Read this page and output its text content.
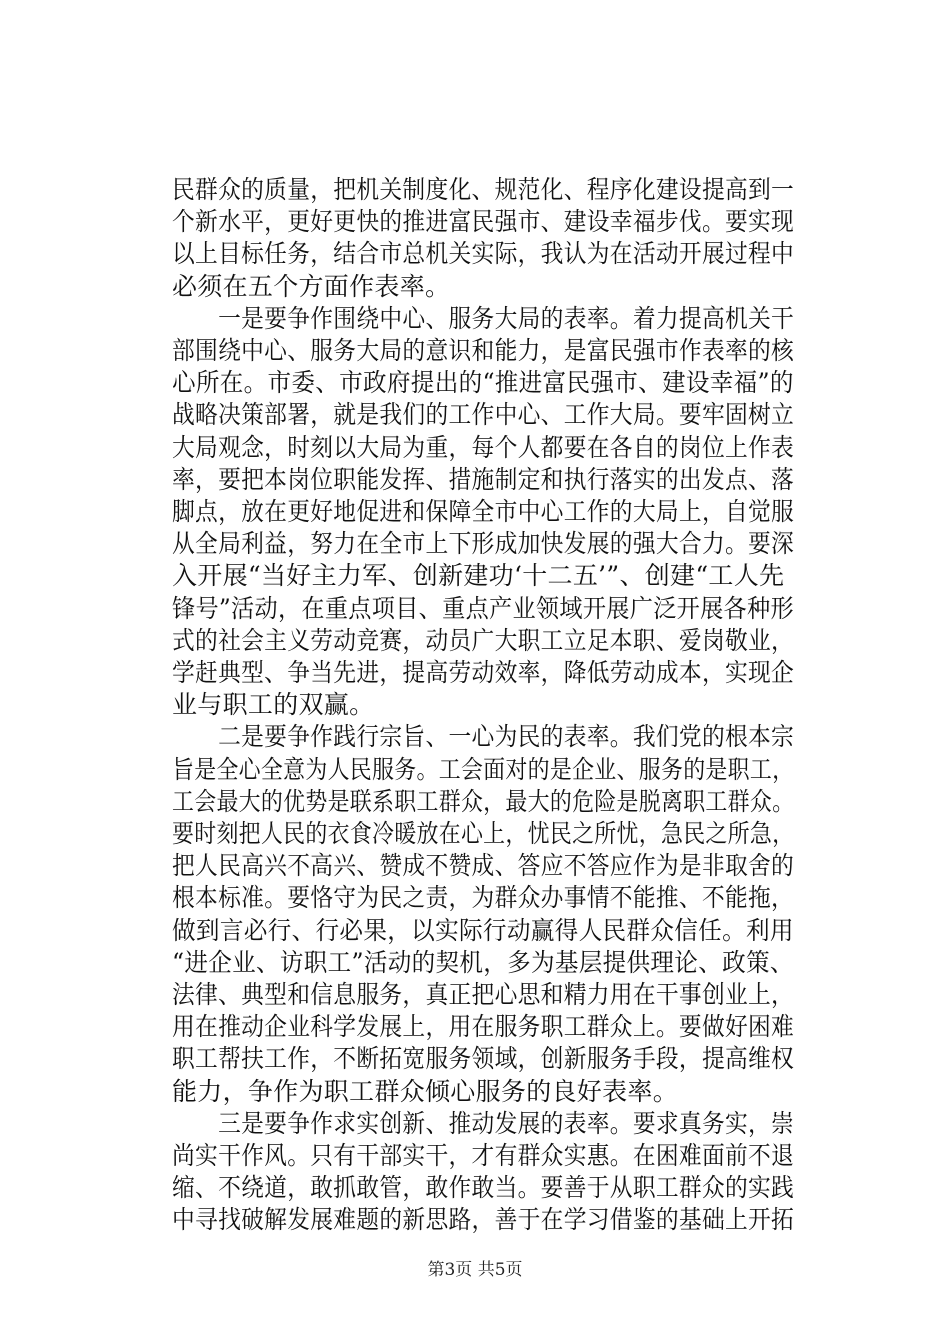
民群众的质量，把机关制度化、规范化、程序化建设提高到一
个新水平，更好更快的推进富民强市、建设幸福步伐。要实现
以上目标任务，结合市总机关实际，我认为在活动开展过程中
必须在五个方面作表率。
　　一是要争作围绕中心、服务大局的表率。着力提高机关干
部围绕中心、服务大局的意识和能力，是富民强市作表率的核
心所在。市委、市政府提出的“推进富民强市、建设幸福”的
战略决策部署，就是我们的工作中心、工作大局。要牢固树立
大局观念，时刻以大局为重，每个人都要在各自的岗位上作表
率，要把本岗位职能发挥、措施制定和执行落实的出发点、落
脚点，放在更好地促进和保障全市中心工作的大局上，自觉服
从全局利益，努力在全市上下形成加快发展的强大合力。要深
入开展“当好主力军、创新建功‘十二五’”、创建“工人先
锋号”活动，在重点项目、重点产业领域开展广泛开展各种形
式的社会主义劳动竞赛，动员广大职工立足本职、爱岗敬业，
学赶典型、争当先进，提高劳动效率，降低劳动成本，实现企
业与职工的双赢。
　　二是要争作践行宗旨、一心为民的表率。我们党的根本宗
旨是全心全意为人民服务。工会面对的是企业、服务的是职工，
工会最大的优势是联系职工群众，最大的危险是脱离职工群众。
要时刻把人民的衣食冷暖放在心上，忧民之所忧，急民之所急，
把人民高兴不高兴、赞成不赞成、答应不答应作为是非取舍的
根本标准。要恪守为民之责，为群众办事情不能推、不能拖，
做到言必行、行必果，以实际行动赢得人民群众信任。利用
“进企业、访职工”活动的契机，多为基层提供理论、政策、
法律、典型和信息服务，真正把心思和精力用在干事创业上，
用在推动企业科学发展上，用在服务职工群众上。要做好困难
职工帮扶工作，不断拓宽服务领域，创新服务手段，提高维权
能力，争作为职工群众倾心服务的良好表率。
　　三是要争作求实创新、推动发展的表率。要求真务实，崇
尚实干作风。只有干部实干，才有群众实惠。在困难面前不退
缩、不绕道，敢抓敢管，敢作敢当。要善于从职工群众的实践
中寻找破解发展难题的新思路，善于在学习借鉴的基础上开拓
第3页 共5页
